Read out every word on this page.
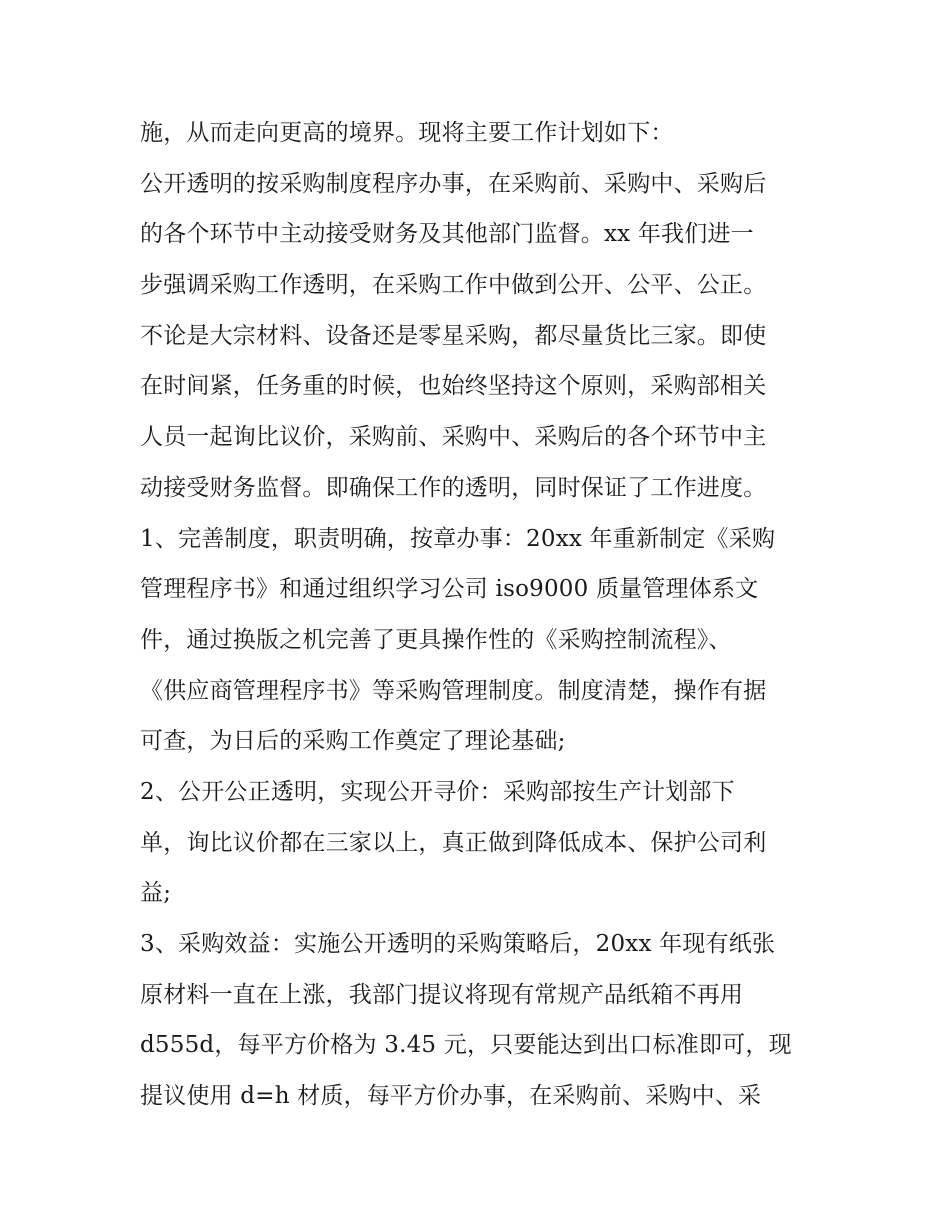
施，从而走向更高的境界。现将主要工作计划如下：
公开透明的按采购制度程序办事，在采购前、采购中、采购后
的各个环节中主动接受财务及其他部门监督。xx 年我们进一
步强调采购工作透明，在采购工作中做到公开、公平、公正。
不论是大宗材料、设备还是零星采购，都尽量货比三家。即使
在时间紧，任务重的时候，也始终坚持这个原则，采购部相关
人员一起询比议价，采购前、采购中、采购后的各个环节中主
动接受财务监督。即确保工作的透明，同时保证了工作进度。
1、完善制度，职责明确，按章办事：20xx 年重新制定《采购
管理程序书》和通过组织学习公司 iso9000 质量管理体系文
件，通过换版之机完善了更具操作性的《采购控制流程》、
《供应商管理程序书》等采购管理制度。制度清楚，操作有据
可查，为日后的采购工作奠定了理论基础;
2、公开公正透明，实现公开寻价：采购部按生产计划部下
单，询比议价都在三家以上，真正做到降低成本、保护公司利
益;
3、采购效益：实施公开透明的采购策略后，20xx 年现有纸张
原材料一直在上涨，我部门提议将现有常规产品纸箱不再用
d555d，每平方价格为 3.45 元，只要能达到出口标准即可，现
提议使用 d=h 材质，每平方价办事，在采购前、采购中、采
